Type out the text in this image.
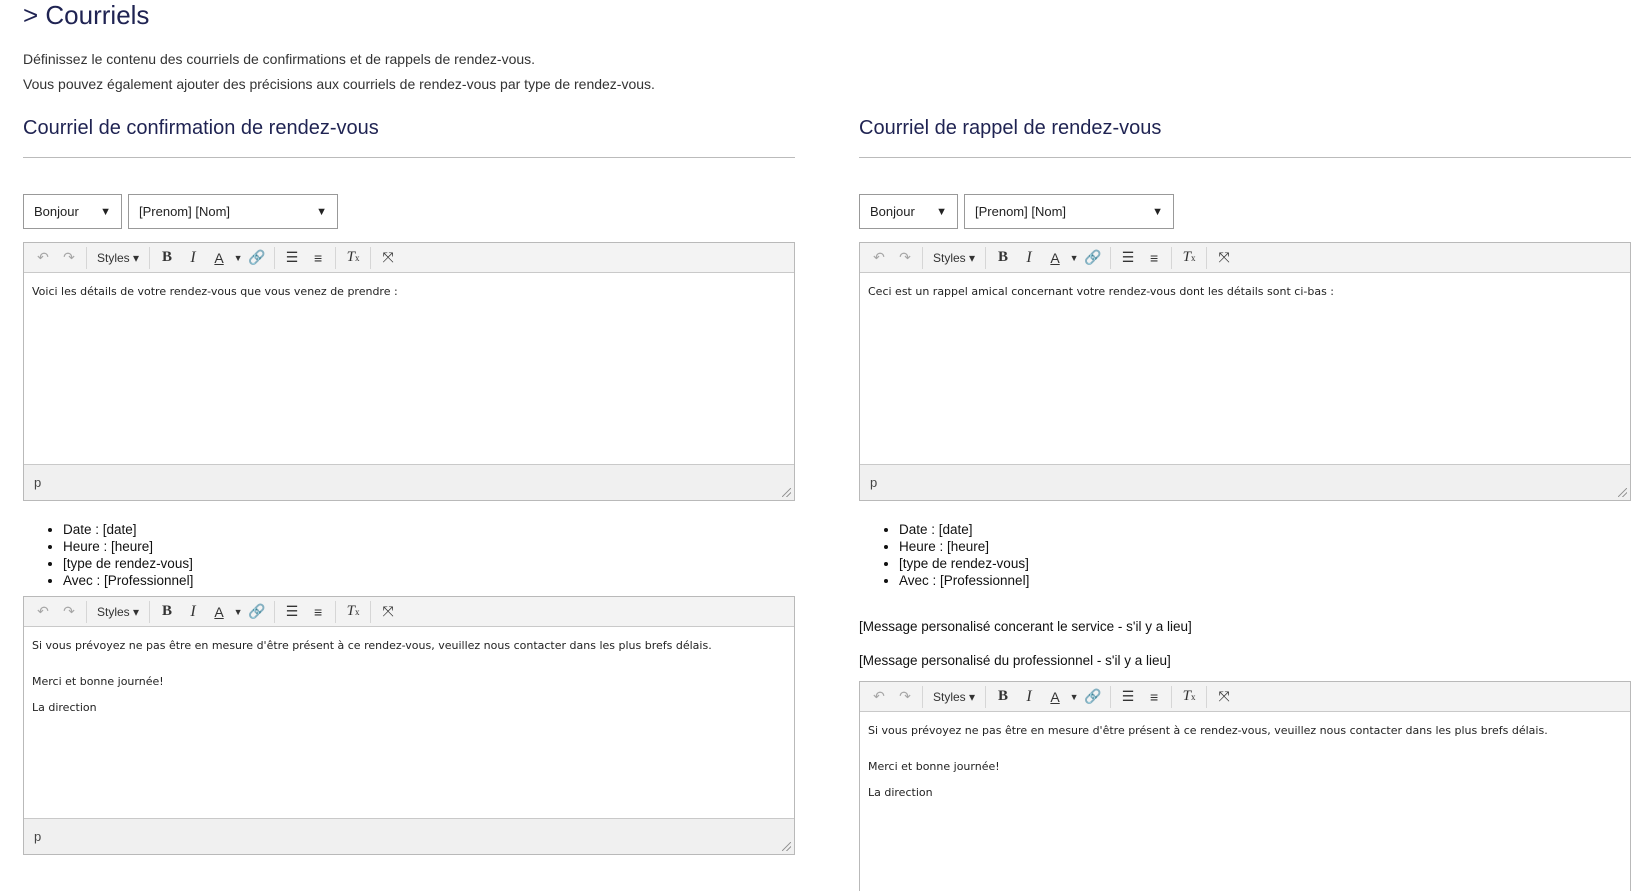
> Courriels
Définissez le contenu des courriels de confirmations et de rappels de rendez-vous.
Vous pouvez également ajouter des précisions aux courriels de rendez-vous par type de rendez-vous.
Courriel de confirmation de rendez-vous
Bonjour ▼ [Prenom] [Nom]	▼
↶	↷	Styles ▾	B	I	A	▼ 🔗	☰	≡	T x	⤧

Voici les détails de votre rendez-vous que vous venez de prendre :

p
• Date : [date]
• Heure : [heure]
• [type de rendez-vous]
• Avec : [Professionnel]
↶	↷	Styles ▾	B	I	A	▼ 🔗	☰	≡	T x	⤧

Si vous prévoyez ne pas être en mesure d'être présent à ce rendez-vous, veuillez nous contacter dans les plus brefs délais.

Merci et bonne journée!

La direction

p
Courriel de rappel de rendez-vous
Bonjour ▼ [Prenom] [Nom]	▼
↶	↷	Styles ▾	B	I	A	▼ 🔗	☰	≡	T x	⤧

Ceci est un rappel amical concernant votre rendez-vous dont les détails sont ci-bas :

p
• Date : [date]
• Heure : [heure]
• [type de rendez-vous]
• Avec : [Professionnel]
[Message personalisé concerant le service - s'il y a lieu]
[Message personalisé du professionnel - s'il y a lieu]
↶	↷	Styles ▾	B	I	A	▼ 🔗	☰	≡	T x	⤧

Si vous prévoyez ne pas être en mesure d'être présent à ce rendez-vous, veuillez nous contacter dans les plus brefs délais.

Merci et bonne journée!

La direction
